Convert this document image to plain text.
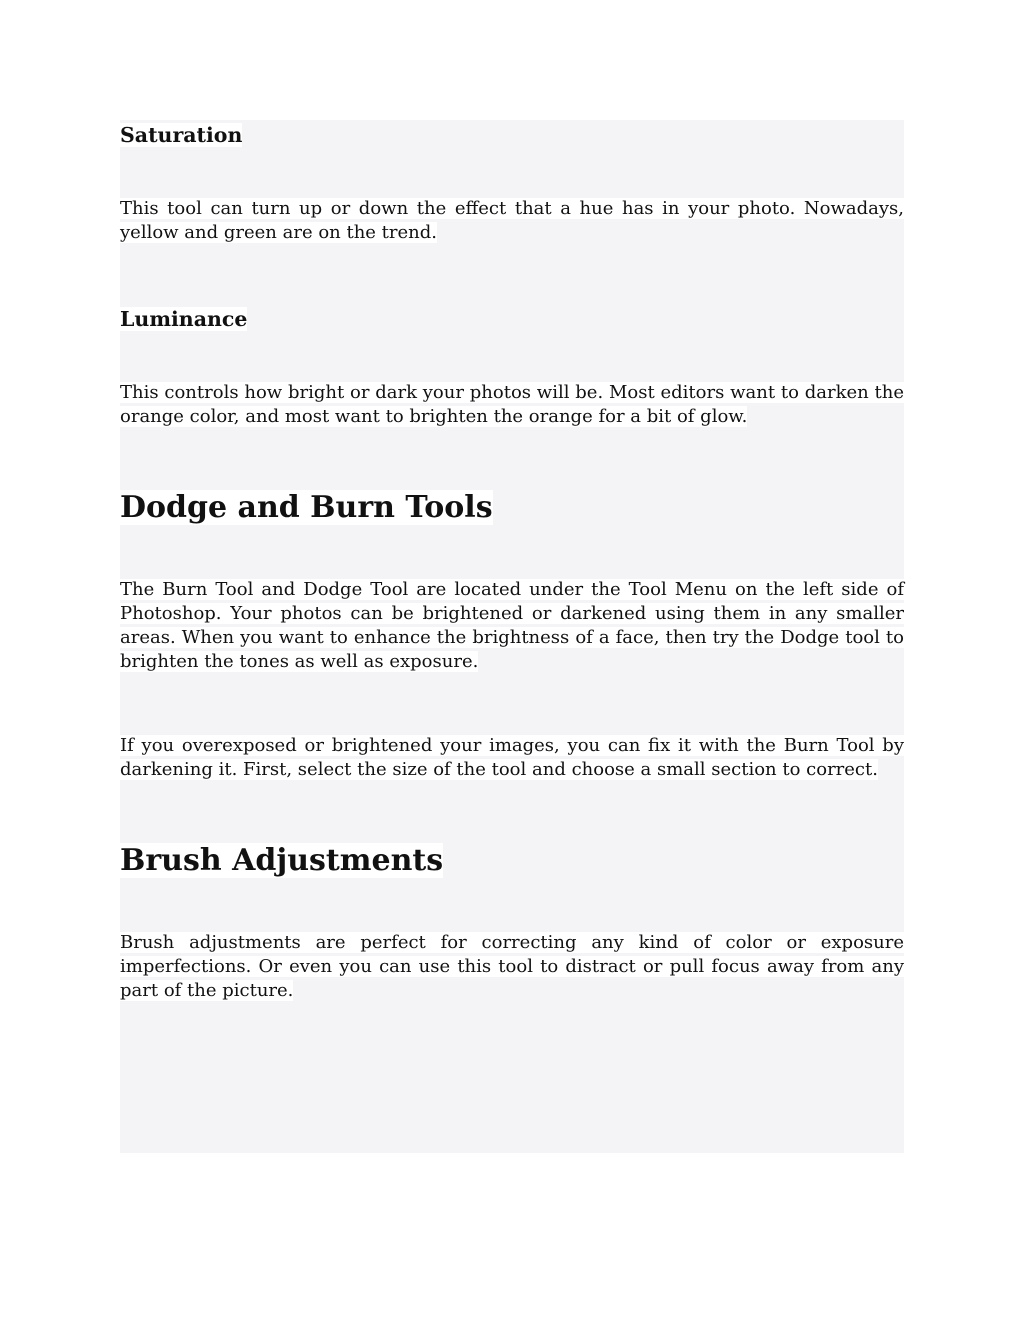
Saturation
This tool can turn up or down the effect that a hue has in your photo. Nowadays, yellow and green are on the trend.
Luminance
This controls how bright or dark your photos will be. Most editors want to darken the orange color, and most want to brighten the orange for a bit of glow.
Dodge and Burn Tools
The Burn Tool and Dodge Tool are located under the Tool Menu on the left side of Photoshop. Your photos can be brightened or darkened using them in any smaller areas. When you want to enhance the brightness of a face, then try the Dodge tool to brighten the tones as well as exposure.
If you overexposed or brightened your images, you can fix it with the Burn Tool by darkening it. First, select the size of the tool and choose a small section to correct.
Brush Adjustments
Brush adjustments are perfect for correcting any kind of color or exposure imperfections. Or even you can use this tool to distract or pull focus away from any part of the picture.
